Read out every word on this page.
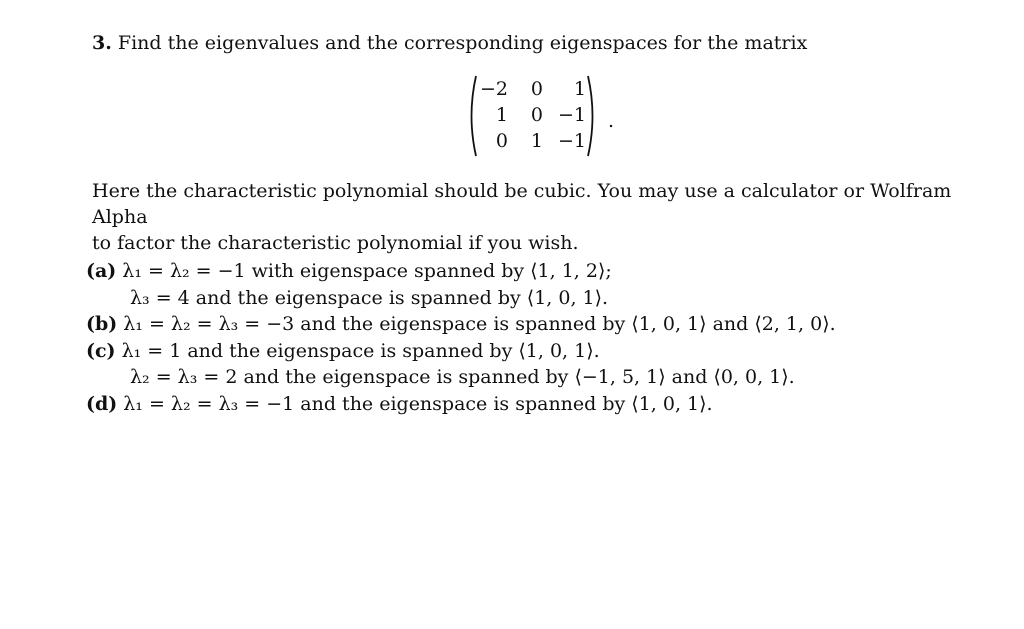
3. Find the eigenvalues and the corresponding eigenspaces for the matrix
−2	0	1
1	0	−1
0	1	−1
.
Here the characteristic polynomial should be cubic. You may use a calculator or Wolfram Alpha
to factor the characteristic polynomial if you wish.
(a) λ₁ = λ₂ = −1 with eigenspace spanned by ⟨1, 1, 2⟩;
λ₃ = 4 and the eigenspace is spanned by ⟨1, 0, 1⟩.
(b) λ₁ = λ₂ = λ₃ = −3 and the eigenspace is spanned by ⟨1, 0, 1⟩ and ⟨2, 1, 0⟩.
(c) λ₁ = 1 and the eigenspace is spanned by ⟨1, 0, 1⟩.
λ₂ = λ₃ = 2 and the eigenspace is spanned by ⟨−1, 5, 1⟩ and ⟨0, 0, 1⟩.
(d) λ₁ = λ₂ = λ₃ = −1 and the eigenspace is spanned by ⟨1, 0, 1⟩.
